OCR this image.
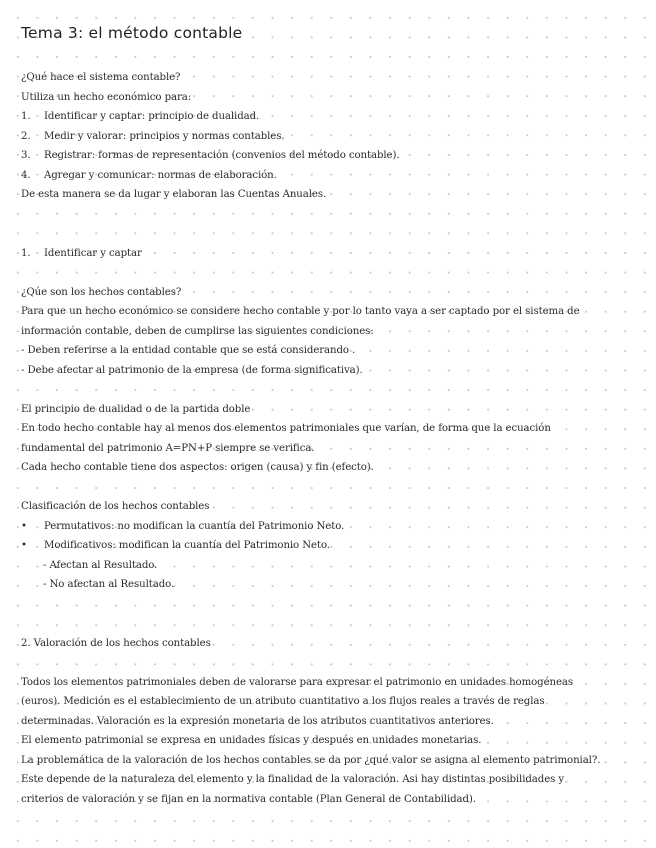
Tema 3: el método contable
¿Qué hace el sistema contable?
Utiliza un hecho económico para:
1.	Identificar y captar: principio de dualidad.
2.	Medir y valorar: principios y normas contables.
3.	Registrar: formas de representación (convenios del método contable).
4.	Agregar y comunicar: normas de elaboración.
De esta manera se da lugar y elaboran las Cuentas Anuales.
1.	Identificar y captar
¿Qúe son los hechos contables?
Para que un hecho económico se considere hecho contable y por lo tanto vaya a ser captado por el sistema de
información contable, deben de cumplirse las siguientes condiciones:
- Deben referirse a la entidad contable que se está considerando .
- Debe afectar al patrimonio de la empresa (de forma significativa).
El principio de dualidad o de la partida doble
En todo hecho contable hay al menos dos elementos patrimoniales que varían, de forma que la ecuación
fundamental del patrimonio A=PN+P siempre se verifica.
Cada hecho contable tiene dos aspectos: origen (causa) y fin (efecto).
Clasificación de los hechos contables
•	Permutativos: no modifican la cuantía del Patrimonio Neto.
•	Modificativos: modifican la cuantía del Patrimonio Neto.
- Afectan al Resultado.
- No afectan al Resultado.
2. Valoración de los hechos contables
Todos los elementos patrimoniales deben de valorarse para expresar el patrimonio en unidades homogéneas
(euros). Medición es el establecimiento de un atributo cuantitativo a los flujos reales a través de reglas
determinadas. Valoración es la expresión monetaria de los atributos cuantitativos anteriores.
El elemento patrimonial se expresa en unidades físicas y después en unidades monetarias.
La problemática de la valoración de los hechos contables se da por ¿qué valor se asigna al elemento patrimonial?.
Este depende de la naturaleza del elemento y la finalidad de la valoración. Asi hay distintas posibilidades y
criterios de valoración y se fijan en la normativa contable (Plan General de Contabilidad).
